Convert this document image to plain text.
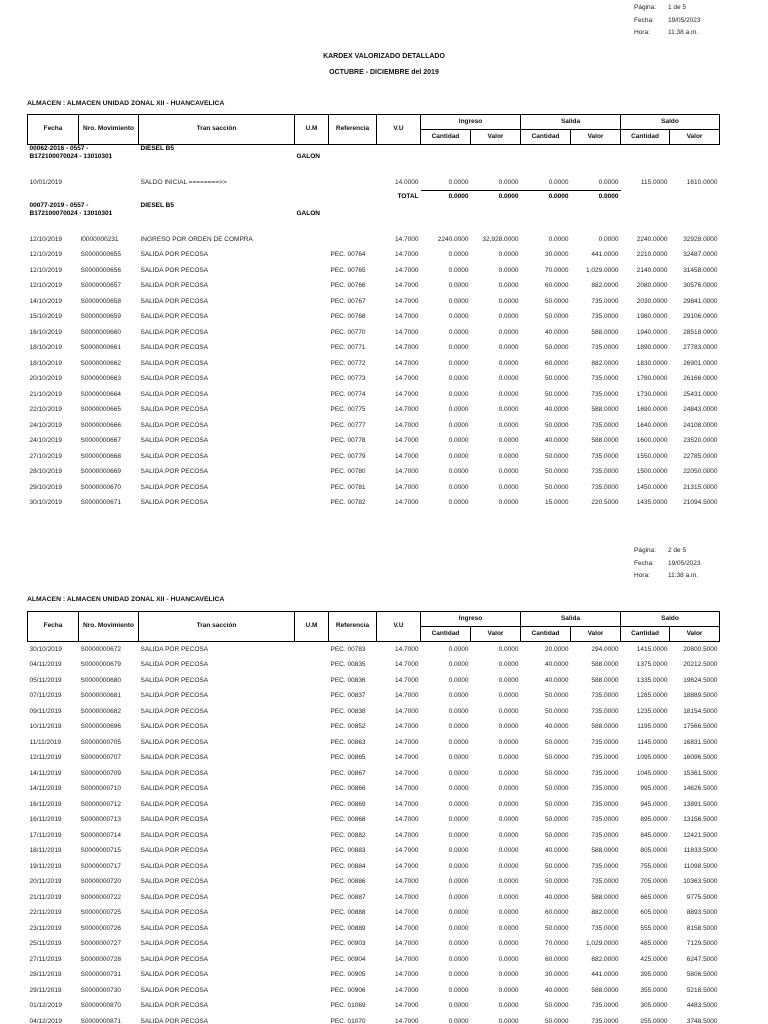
Página: 1 de 5
Fecha: 19/05/2023
Hora:	11:38 a.m.
KARDEX VALORIZADO DETALLADO
OCTUBRE - DICIEMBRE del 2019
ALMACEN : ALMACEN UNIDAD ZONAL XII - HUANCAVELICA
Fecha	Nro. Movimiento	Tran sacción	U.M	Referencia	V.U	Ingreso		Salida		Saldo	
						Cantidad	Valor	Cantidad	Valor	Cantidad	Valor
00062-2016 - 0557 - B172100070024 - 13010301		DIESEL B5	GALON								

10/01/2019		SALDO INICIAL ========>>			14.0000	0.0000	0.0000	0.0000	0.0000	115.0000	1610.0000
				TOTAL		0.0000	0.0000	0.0000	0.0000		
00077-2019 - 0557 - B172100070024 - 13010301		DIESEL B5	GALON								

12/10/2019	I0000000231	INGRESO POR ORDEN DE COMPRA			14.7000	2240.0000	32,928.0000	0.0000	0.0000	2240.0000	32928.0000
12/10/2019	S0000000655	SALIDA POR PECOSA		PEC. 00764	14.7000	0.0000	0.0000	30.0000	441.0000	2210.0000	32487.0000
12/10/2019	S0000000656	SALIDA POR PECOSA		PEC. 00765	14.7000	0.0000	0.0000	70.0000	1,029.0000	2140.0000	31458.0000
12/10/2019	S0000000657	SALIDA POR PECOSA		PEC. 00766	14.7000	0.0000	0.0000	60.0000	882.0000	2080.0000	30576.0000
14/10/2019	S0000000658	SALIDA POR PECOSA		PEC. 00767	14.7000	0.0000	0.0000	50.0000	735.0000	2030.0000	29841.0000
15/10/2019	S0000000659	SALIDA POR PECOSA		PEC. 00768	14.7000	0.0000	0.0000	50.0000	735.0000	1980.0000	29106.0000
16/10/2019	S0000000660	SALIDA POR PECOSA		PEC. 00770	14.7000	0.0000	0.0000	40.0000	588.0000	1940.0000	28518.0000
18/10/2019	S0000000661	SALIDA POR PECOSA		PEC. 00771	14.7000	0.0000	0.0000	50.0000	735.0000	1890.0000	27783.0000
18/10/2019	S0000000662	SALIDA POR PECOSA		PEC. 00772	14.7000	0.0000	0.0000	60.0000	882.0000	1830.0000	26901.0000
20/10/2019	S0000000663	SALIDA POR PECOSA		PEC. 00773	14.7000	0.0000	0.0000	50.0000	735.0000	1780.0000	26166.0000
21/10/2019	S0000000664	SALIDA POR PECOSA		PEC. 00774	14.7000	0.0000	0.0000	50.0000	735.0000	1730.0000	25431.0000
22/10/2019	S0000000665	SALIDA POR PECOSA		PEC. 00775	14.7000	0.0000	0.0000	40.0000	588.0000	1690.0000	24843.0000
24/10/2019	S0000000666	SALIDA POR PECOSA		PEC. 00777	14.7000	0.0000	0.0000	50.0000	735.0000	1640.0000	24108.0000
24/10/2019	S0000000667	SALIDA POR PECOSA		PEC. 00778	14.7000	0.0000	0.0000	40.0000	588.0000	1600.0000	23520.0000
27/10/2019	S0000000668	SALIDA POR PECOSA		PEC. 00779	14.7000	0.0000	0.0000	50.0000	735.0000	1550.0000	22785.0000
28/10/2019	S0000000669	SALIDA POR PECOSA		PEC. 00780	14.7000	0.0000	0.0000	50.0000	735.0000	1500.0000	22050.0000
29/10/2019	S0000000670	SALIDA POR PECOSA		PEC. 00781	14.7000	0.0000	0.0000	50.0000	735.0000	1450.0000	21315.0000
30/10/2019	S0000000671	SALIDA POR PECOSA		PEC. 00782	14.7000	0.0000	0.0000	15.0000	220.5000	1435.0000	21094.5000
Página: 2 de 5
Fecha: 19/05/2023
Hora:	11:38 a.m.
ALMACEN : ALMACEN UNIDAD ZONAL XII - HUANCAVELICA
Fecha	Nro. Movimiento	Tran sacción	U.M	Referencia	V.U	Ingreso		Salida		Saldo	
						Cantidad	Valor	Cantidad	Valor	Cantidad	Valor
30/10/2019	S0000000672	SALIDA POR PECOSA		PEC. 00783	14.7000	0.0000	0.0000	20.0000	294.0000	1415.0000	20800.5000
04/11/2019	S0000000679	SALIDA POR PECOSA		PEC. 00835	14.7000	0.0000	0.0000	40.0000	588.0000	1375.0000	20212.5000
05/11/2019	S0000000680	SALIDA POR PECOSA		PEC. 00836	14.7000	0.0000	0.0000	40.0000	588.0000	1335.0000	19624.5000
07/11/2019	S0000000681	SALIDA POR PECOSA		PEC. 00837	14.7000	0.0000	0.0000	50.0000	735.0000	1285.0000	18889.5000
09/11/2019	S0000000682	SALIDA POR PECOSA		PEC. 00838	14.7000	0.0000	0.0000	50.0000	735.0000	1235.0000	18154.5000
10/11/2019	S0000000696	SALIDA POR PECOSA		PEC. 00852	14.7000	0.0000	0.0000	40.0000	588.0000	1195.0000	17566.5000
11/11/2019	S0000000705	SALIDA POR PECOSA		PEC. 00863	14.7000	0.0000	0.0000	50.0000	735.0000	1145.0000	16831.5000
12/11/2019	S0000000707	SALIDA POR PECOSA		PEC. 00865	14.7000	0.0000	0.0000	50.0000	735.0000	1095.0000	16096.5000
14/11/2019	S0000000709	SALIDA POR PECOSA		PEC. 00867	14.7000	0.0000	0.0000	50.0000	735.0000	1045.0000	15361.5000
14/11/2019	S0000000710	SALIDA POR PECOSA		PEC. 00866	14.7000	0.0000	0.0000	50.0000	735.0000	995.0000	14626.5000
16/11/2019	S0000000712	SALIDA POR PECOSA		PEC. 00869	14.7000	0.0000	0.0000	50.0000	735.0000	945.0000	13891.5000
16/11/2019	S0000000713	SALIDA POR PECOSA		PEC. 00868	14.7000	0.0000	0.0000	50.0000	735.0000	895.0000	13156.5000
17/11/2019	S0000000714	SALIDA POR PECOSA		PEC. 00882	14.7000	0.0000	0.0000	50.0000	735.0000	845.0000	12421.5000
18/11/2019	S0000000715	SALIDA POR PECOSA		PEC. 00883	14.7000	0.0000	0.0000	40.0000	588.0000	805.0000	11833.5000
19/11/2019	S0000000717	SALIDA POR PECOSA		PEC. 00884	14.7000	0.0000	0.0000	50.0000	735.0000	755.0000	11098.5000
20/11/2019	S0000000720	SALIDA POR PECOSA		PEC. 00886	14.7000	0.0000	0.0000	50.0000	735.0000	705.0000	10363.5000
21/11/2019	S0000000722	SALIDA POR PECOSA		PEC. 00887	14.7000	0.0000	0.0000	40.0000	588.0000	665.0000	9775.5000
22/11/2019	S0000000725	SALIDA POR PECOSA		PEC. 00888	14.7000	0.0000	0.0000	60.0000	882.0000	605.0000	8893.5000
23/11/2019	S0000000726	SALIDA POR PECOSA		PEC. 00889	14.7000	0.0000	0.0000	50.0000	735.0000	555.0000	8158.5000
25/11/2019	S0000000727	SALIDA POR PECOSA		PEC. 00903	14.7000	0.0000	0.0000	70.0000	1,029.0000	485.0000	7129.5000
27/11/2019	S0000000728	SALIDA POR PECOSA		PEC. 00904	14.7000	0.0000	0.0000	60.0000	882.0000	425.0000	6247.5000
28/11/2019	S0000000731	SALIDA POR PECOSA		PEC. 00905	14.7000	0.0000	0.0000	30.0000	441.0000	395.0000	5806.5000
29/11/2019	S0000000730	SALIDA POR PECOSA		PEC. 00906	14.7000	0.0000	0.0000	40.0000	588.0000	355.0000	5218.5000
01/12/2019	S0000000870	SALIDA POR PECOSA		PEC. 01069	14.7000	0.0000	0.0000	50.0000	735.0000	305.0000	4483.5000
04/12/2019	S0000000871	SALIDA POR PECOSA		PEC. 01070	14.7000	0.0000	0.0000	50.0000	735.0000	255.0000	3748.5000
